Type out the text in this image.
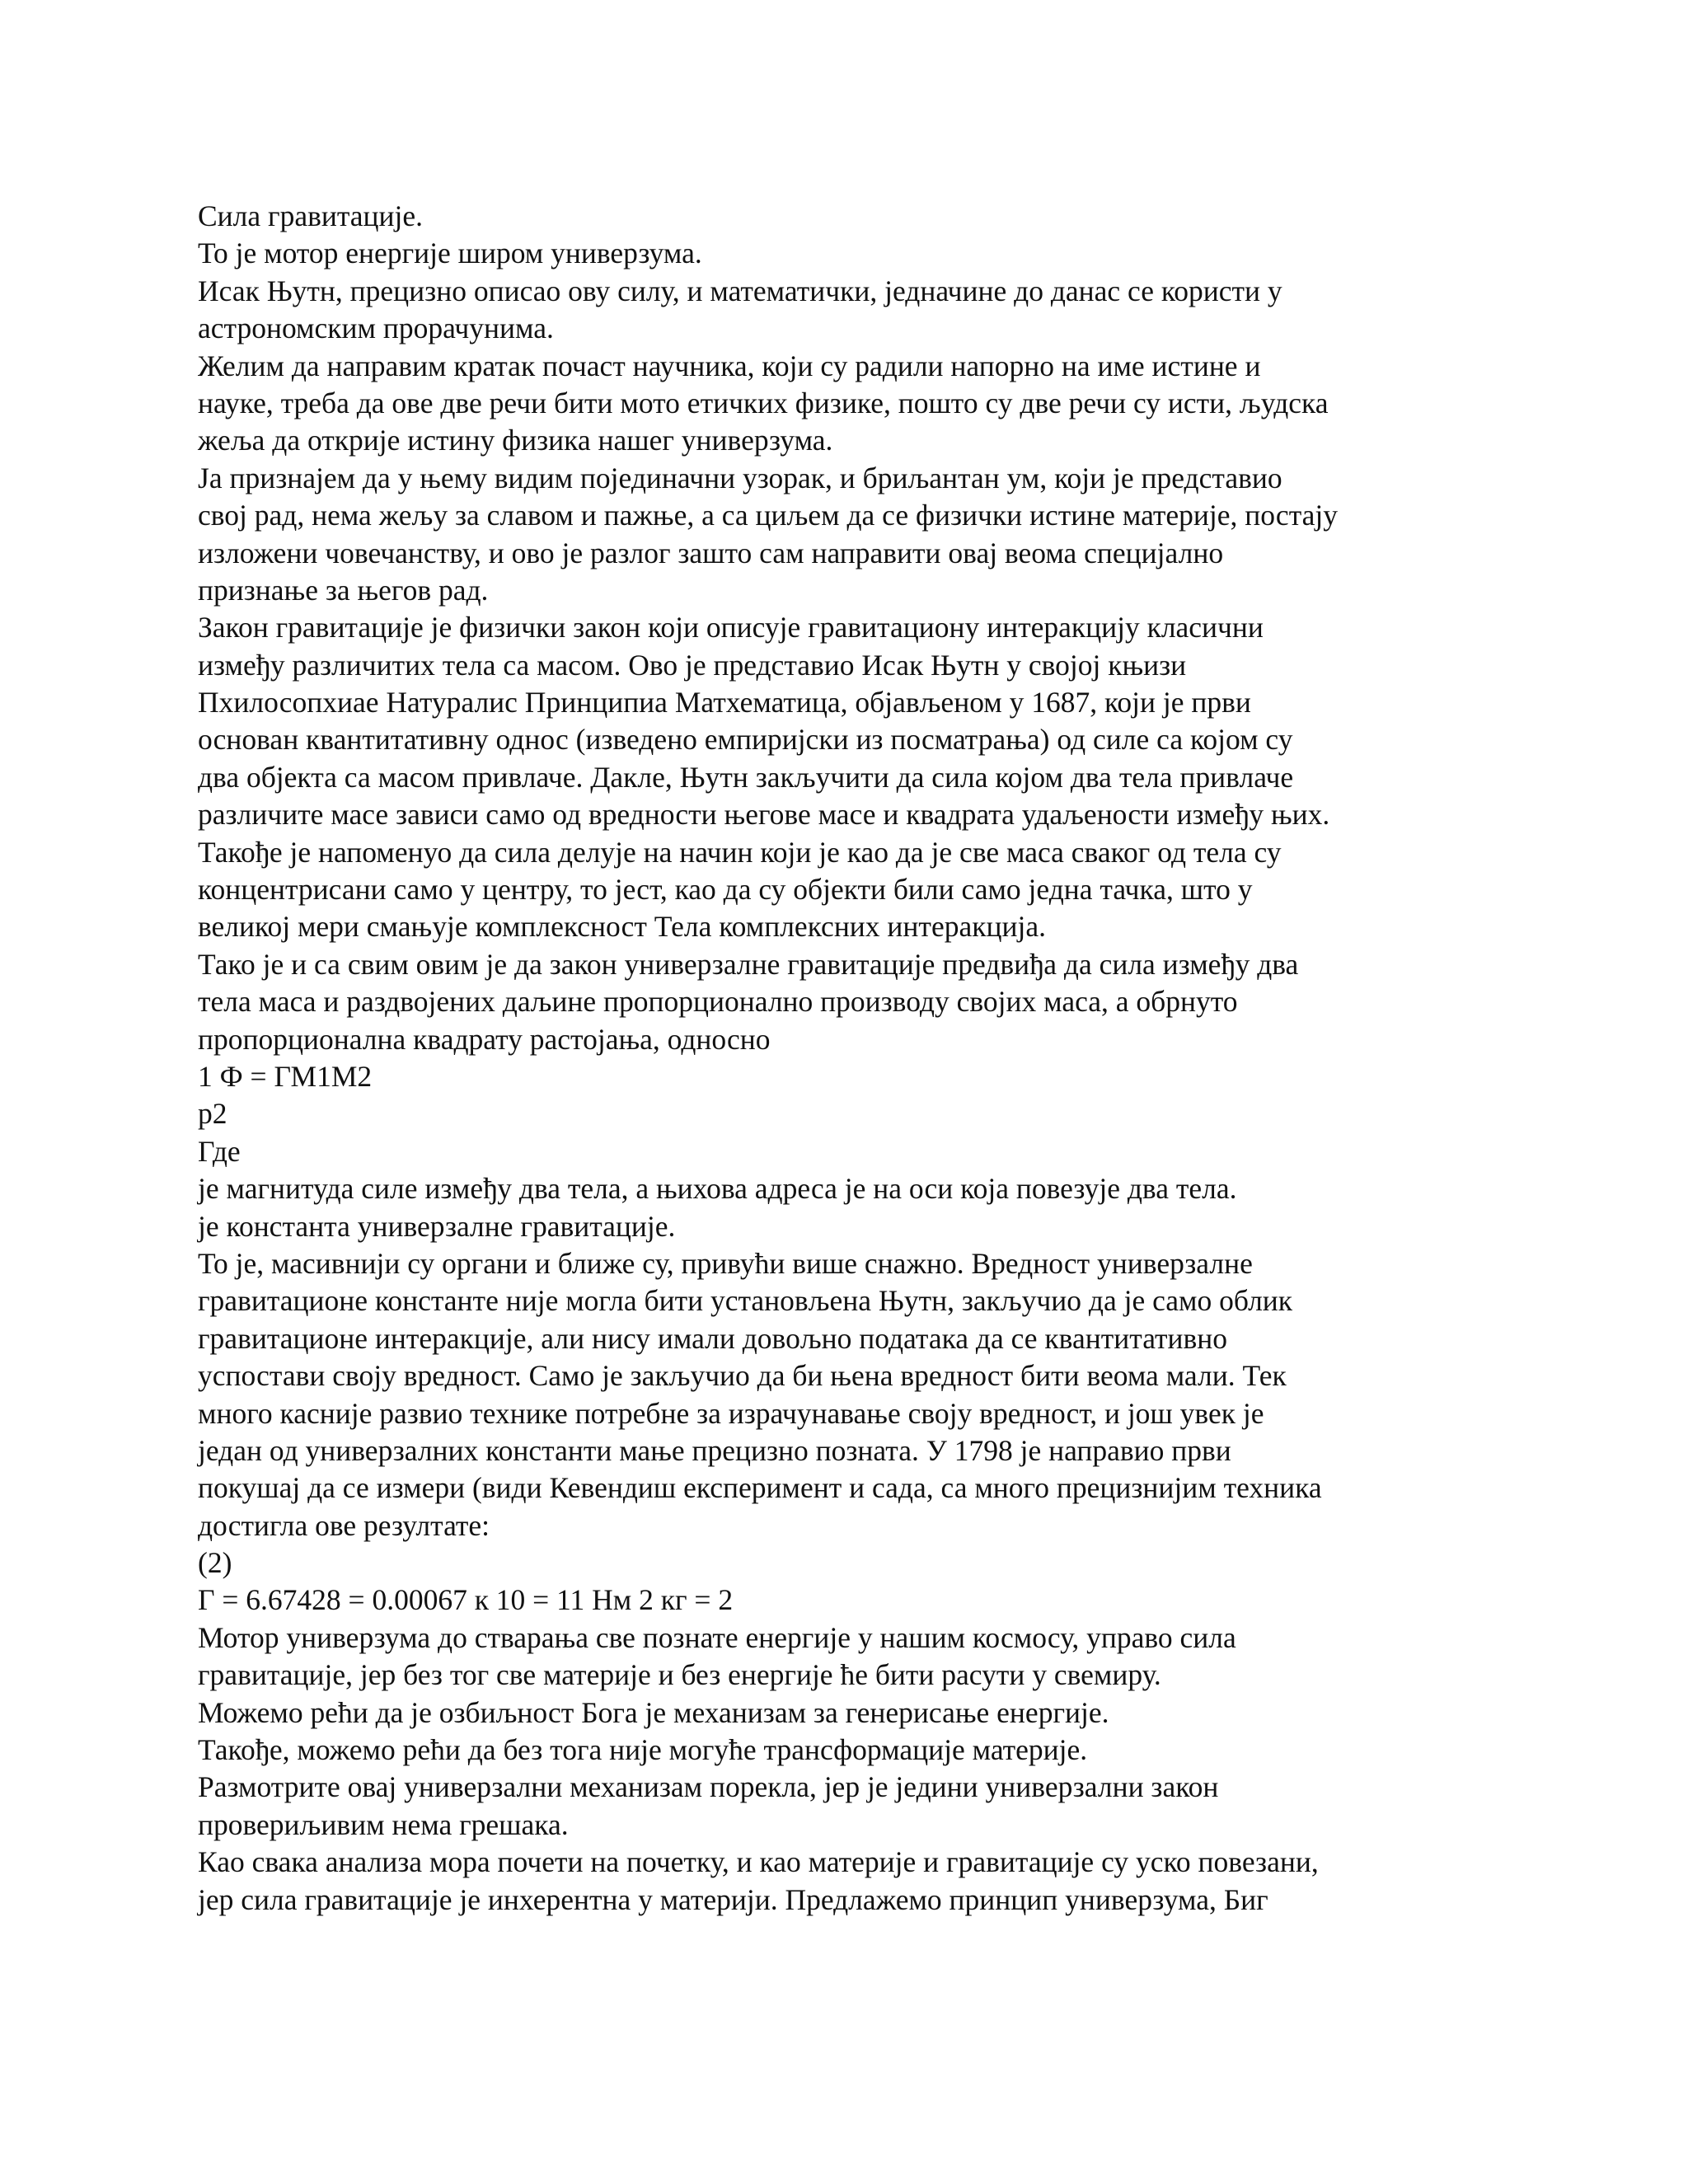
Сила гравитације.
То је мотор енергије широм универзума.
Исак Њутн, прецизно описао ову силу, и математички, једначине до данас се користи у
астрономским прорачунима.
Желим да направим кратак почаст научника, који су радили напорно на име истине и
науке, треба да ове две речи бити мото етичких физике, пошто су две речи су исти, људска
жеља да открије истину физика нашег универзума.
Ја признајем да у њему видим појединачни узорак, и бриљантан ум, који је представио
свој рад, нема жељу за славом и пажње, а са циљем да се физички истине материје, постају
изложени човечанству, и ово је разлог зашто сам направити овај веома специјално
признање за његов рад.
Закон гравитације је физички закон који описује гравитациону интеракцију класични
између различитих тела са масом. Ово је представио Исак Њутн у својој књизи
Пхилосопхиае Натуралис Принципиа Матхематица, објављеном у 1687, који је први
основан квантитативну однос (изведено емпиријски из посматрања) од силе са којом су
два објекта са масом привлаче. Дакле, Њутн закључити да сила којом два тела привлаче
различите масе зависи само од вредности његове масе и квадрата удаљености између њих.
Такође је напоменуо да сила делује на начин који је као да је све маса сваког од тела су
концентрисани само у центру, то јест, као да су објекти били само једна тачка, што у
великој мери смањује комплексност Тела комплексних интеракција.
Тако је и са свим овим је да закон универзалне гравитације предвиђа да сила између два
тела маса и раздвојених даљине пропорционално производу својих маса, а обрнуто
пропорционална квадрату растојања, односно
1 Ф = ГМ1М2
р2
Где
је магнитуда силе између два тела, а њихова адреса је на оси која повезује два тела.
је константа универзалне гравитације.
То је, масивнији су органи и ближе су, привући више снажно. Вредност универзалне
гравитационе константе није могла бити установљена Њутн, закључио да је само облик
гравитационе интеракције, али нису имали довољно података да се квантитативно
успостави своју вредност. Само је закључио да би њена вредност бити веома мали. Тек
много касније развио технике потребне за израчунавање своју вредност, и још увек је
један од универзалних константи мање прецизно позната. У 1798 је направио први
покушај да се измери (види Кевендиш експеримент и сада, са много прецизнијим техника
достигла ове резултате:
(2)
Г = 6.67428 = 0.00067 к 10 = 11 Нм 2 кг = 2
Мотор универзума до стварања све познате енергије у нашим космосу, управо сила
гравитације, јер без тог све материје и без енергије ће бити расути у свемиру.
Можемо рећи да је озбиљност Бога је механизам за генерисање енергије.
Такође, можемо рећи да без тога није могуће трансформације материје.
Размотрите овај универзални механизам порекла, јер је једини универзални закон
провериљивим нема грешака.
Као свака анализа мора почети на почетку, и као материје и гравитације су уско повезани,
јер сила гравитације је инхерентна у материји. Предлажемо принцип универзума, Биг
